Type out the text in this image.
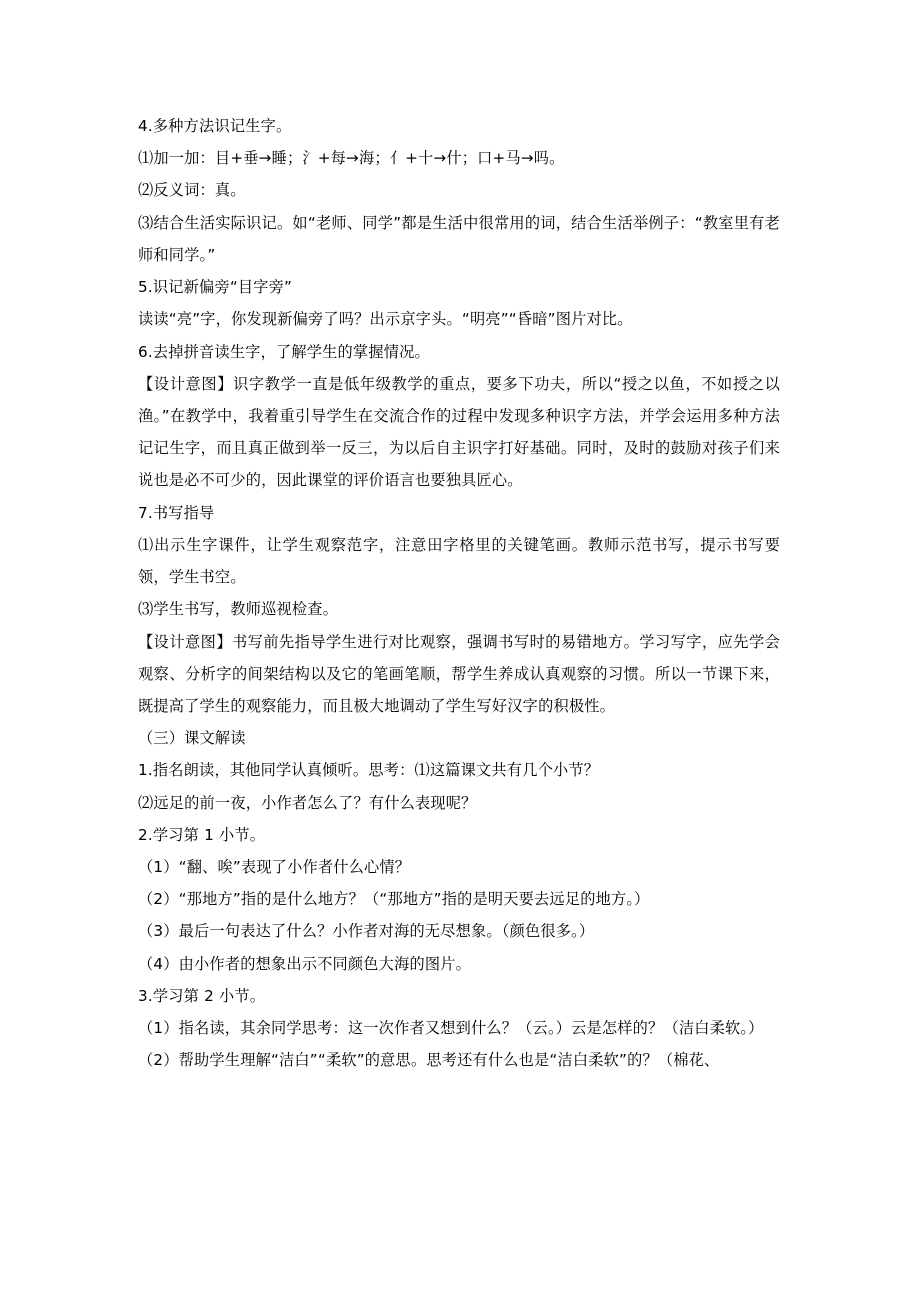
4.多种方法识记生字。

⑴加一加：目+垂→睡；氵+每→海；亻+十→什；口+马→吗。

⑵反义词：真。

⑶结合生活实际识记。如“老师、同学”都是生活中很常用的词，结合生活举例子：“教室里有老师和同学。”

5.识记新偏旁“目字旁”

读读“亮”字，你发现新偏旁了吗？出示京字头。“明亮”“昏暗”图片对比。

6.去掉拼音读生字，了解学生的掌握情况。

【设计意图】识字教学一直是低年级教学的重点，要多下功夫，所以“授之以鱼，不如授之以渔。”在教学中，我着重引导学生在交流合作的过程中发现多种识字方法，并学会运用多种方法记记生字，而且真正做到举一反三，为以后自主识字打好基础。同时，及时的鼓励对孩子们来说也是必不可少的，因此课堂的评价语言也要独具匠心。

7.书写指导

⑴出示生字课件，让学生观察范字，注意田字格里的关键笔画。教师示范书写，提示书写要领，学生书空。

⑶学生书写，教师巡视检查。

【设计意图】书写前先指导学生进行对比观察，强调书写时的易错地方。学习写字，应先学会观察、分析字的间架结构以及它的笔画笔顺，帮学生养成认真观察的习惯。所以一节课下来，既提高了学生的观察能力，而且极大地调动了学生写好汉字的积极性。

（三）课文解读

1.指名朗读，其他同学认真倾听。思考：⑴这篇课文共有几个小节？

⑵远足的前一夜，小作者怎么了？有什么表现呢？

2.学习第 1 小节。

（1）“翻、唉”表现了小作者什么心情？

（2）“那地方”指的是什么地方？（“那地方”指的是明天要去远足的地方。）

（3）最后一句表达了什么？小作者对海的无尽想象。（颜色很多。）

（4）由小作者的想象出示不同颜色大海的图片。

3.学习第 2 小节。

（1）指名读，其余同学思考：这一次作者又想到什么？（云。）云是怎样的？（洁白柔软。）

（2）帮助学生理解“洁白”“柔软”的意思。思考还有什么也是“洁白柔软”的？（棉花、
